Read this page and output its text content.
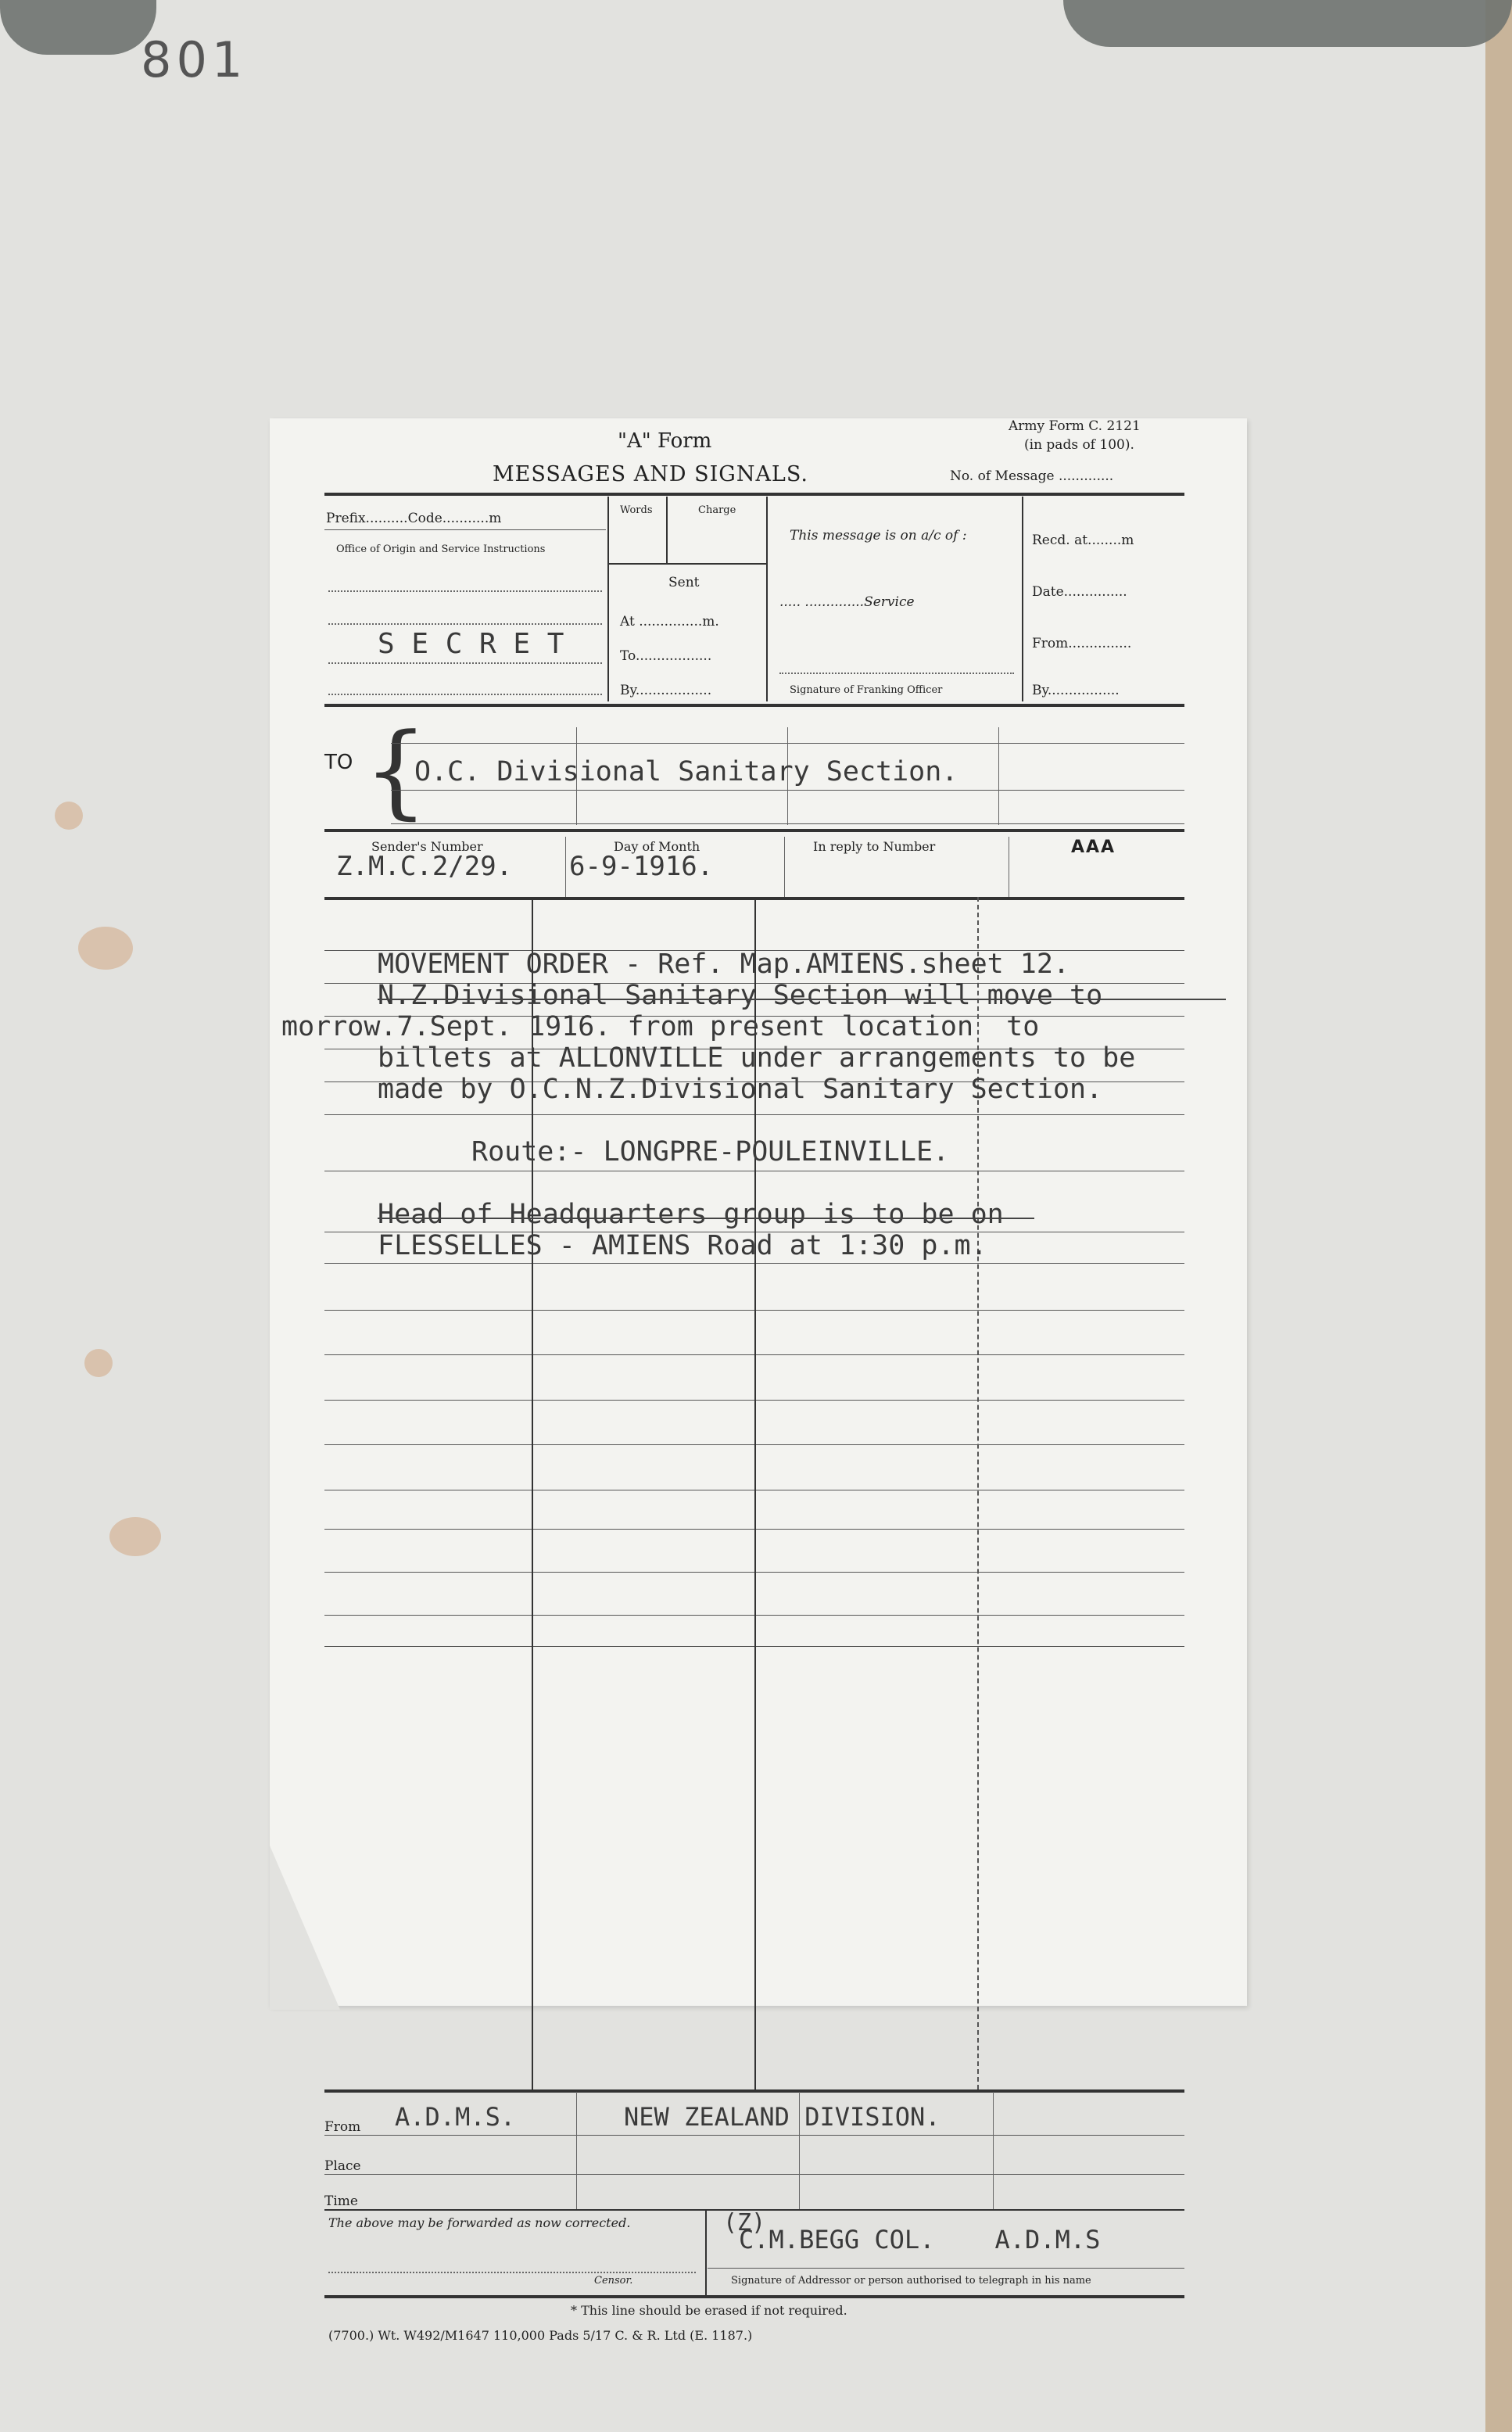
801
"A" Form
MESSAGES AND SIGNALS.
Army Form C. 2121
(in pads of 100).
No. of Message .............
Prefix..........Code...........m
Office of Origin and Service Instructions
S E C R E T
Words	Charge
Sent
At ...............m.
To..................
By..................
This message is on a/c of :
..... ..............Service
Signature of Franking Officer
Recd. at........m
Date...............
From...............
By.................
TO {
O.C. Divisional Sanitary Section.
Sender's Number
Z.M.C.2/29.
Day of Month
6-9-1916.
In reply to Number	AAA
MOVEMENT ORDER - Ref. Map.AMIENS.sheet 12.
N.Z.Divisional Sanitary Section will move to
morrow.7.Sept. 1916. from present location  to
billets at ALLONVILLE under arrangements to be
made by O.C.N.Z.Divisional Sanitary Section.
Route:- LONGPRE-POULEINVILLE.
Head of Headquarters group is to be on
FLESSELLES - AMIENS Road at 1:30 p.m.
From A.D.M.S.	NEW ZEALAND DIVISION.
Place
Time
The above may be forwarded as now corrected.
Censor.
(Z)
C.M.BEGG COL.    A.D.M.S
Signature of Addressor or person authorised to telegraph in his name
* This line should be erased if not required.
(7700.) Wt. W492/M1647 110,000 Pads 5/17 C. & R. Ltd (E. 1187.)
